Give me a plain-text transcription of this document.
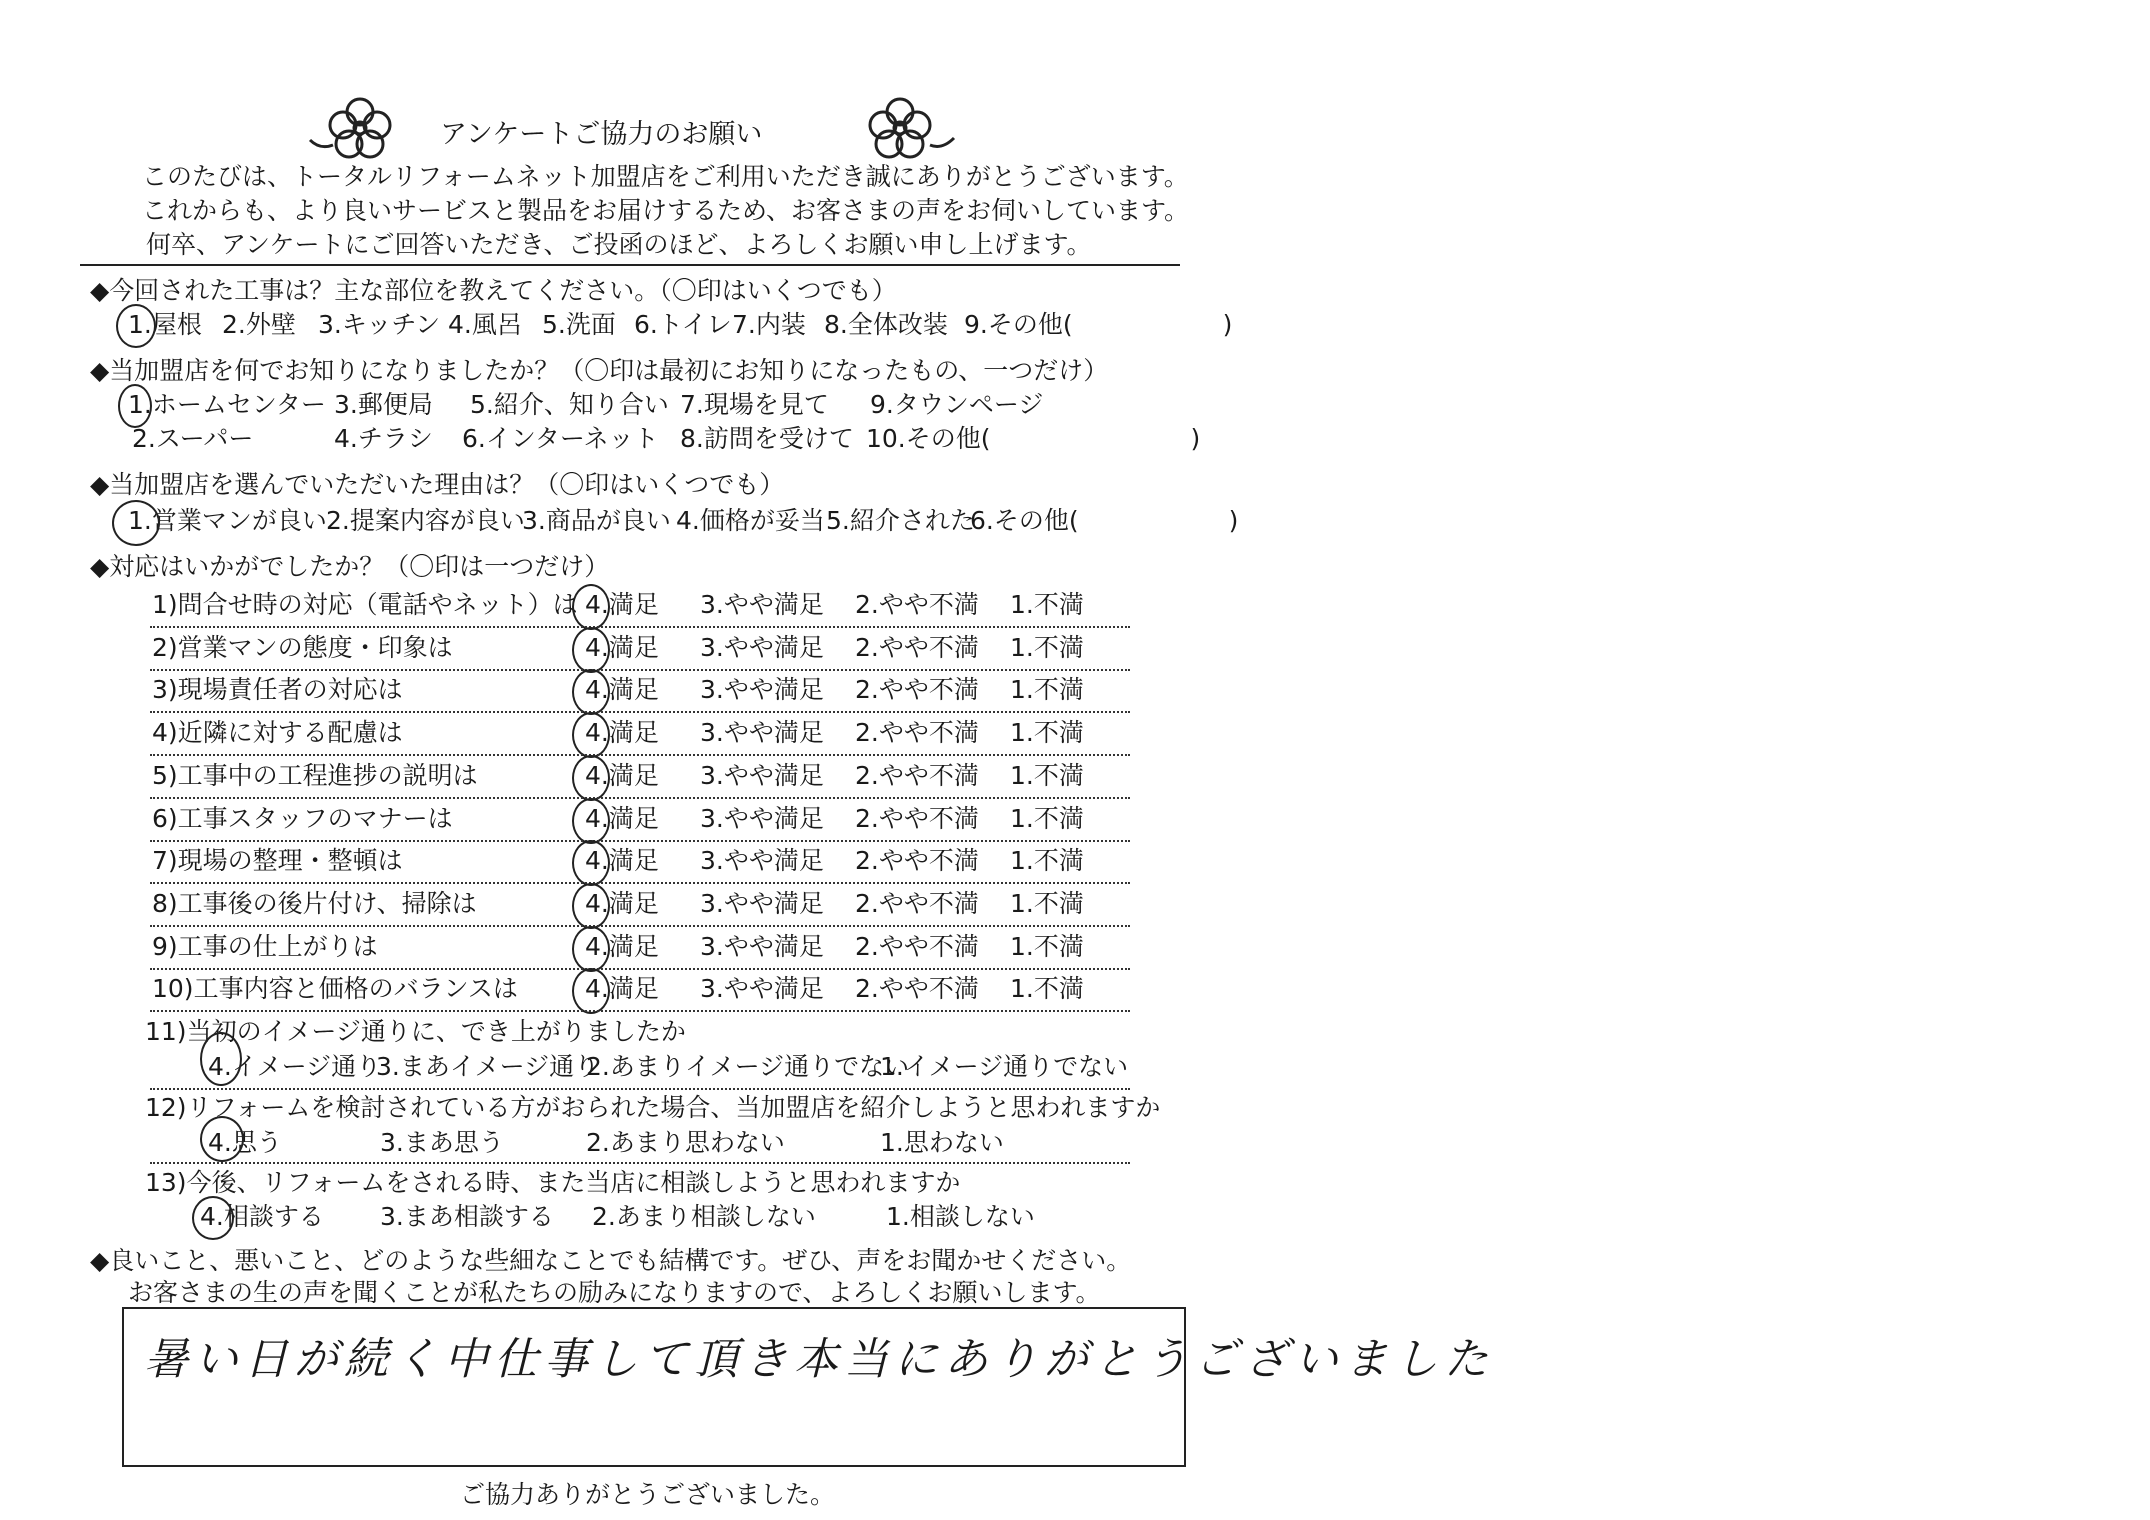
アンケートご協力のお願い
このたびは、トータルリフォームネット加盟店をご利用いただき誠にありがとうございます。
これからも、より良いサービスと製品をお届けするため、お客さまの声をお伺いしています。
何卒、アンケートにご回答いただき、ご投函のほど、よろしくお願い申し上げます。
◆今回された工事は？主な部位を教えてください。（〇印はいくつでも）
1.屋根 2.外壁 3.キッチン 4.風呂 5.洗面 6.トイレ 7.内装 8.全体改装 9.その他(　　　　　　)
◆当加盟店を何でお知りになりましたか？（〇印は最初にお知りになったもの、一つだけ）
1.ホームセンター 3.郵便局 5.紹介、知り合い 7.現場を見て 9.タウンページ
2.スーパー	4.チラシ 6.インターネット 8.訪問を受けて 10.その他(　　　　　　　　)
◆当加盟店を選んでいただいた理由は？（〇印はいくつでも）
1.営業マンが良い 2.提案内容が良い
3.商品が良い 4.価格が妥当 5.紹介された
6.その他(　　　　　　)
◆対応はいかがでしたか？（〇印は一つだけ）
1)問合せ時の対応（電話やネット）は 4.満足 3.やや満足 2.やや不満 1.不満
2)営業マンの態度・印象は	4.満足 3.やや満足 2.やや不満 1.不満
3)現場責任者の対応は	4.満足 3.やや満足 2.やや不満 1.不満
4)近隣に対する配慮は	4.満足 3.やや満足 2.やや不満 1.不満
5)工事中の工程進捗の説明は	4.満足 3.やや満足 2.やや不満 1.不満
6)工事スタッフのマナーは	4.満足 3.やや満足 2.やや不満 1.不満
7)現場の整理・整頓は	4.満足 3.やや満足 2.やや不満 1.不満
8)工事後の後片付け、掃除は	4.満足 3.やや満足 2.やや不満 1.不満
9)工事の仕上がりは	4.満足 3.やや満足 2.やや不満 1.不満
10)工事内容と価格のバランスは	4.満足 3.やや満足 2.やや不満 1.不満
11)当初のイメージ通りに、でき上がりましたか
4.イメージ通り
3.まあイメージ通り
2.あまりイメージ通りでない
1.イメージ通りでない
12)リフォームを検討されている方がおられた場合、当加盟店を紹介しようと思われますか
4.思う	3.まあ思う	2.あまり思わない	1.思わない
13)今後、リフォームをされる時、また当店に相談しようと思われますか
4.相談する 3.まあ相談する 2.あまり相談しない	1.相談しない
◆良いこと、悪いこと、どのような些細なことでも結構です。ぜひ、声をお聞かせください。
お客さまの生の声を聞くことが私たちの励みになりますので、よろしくお願いします。
暑い日が続く中仕事して頂き本当にありがとうございました
ご協力ありがとうございました。
